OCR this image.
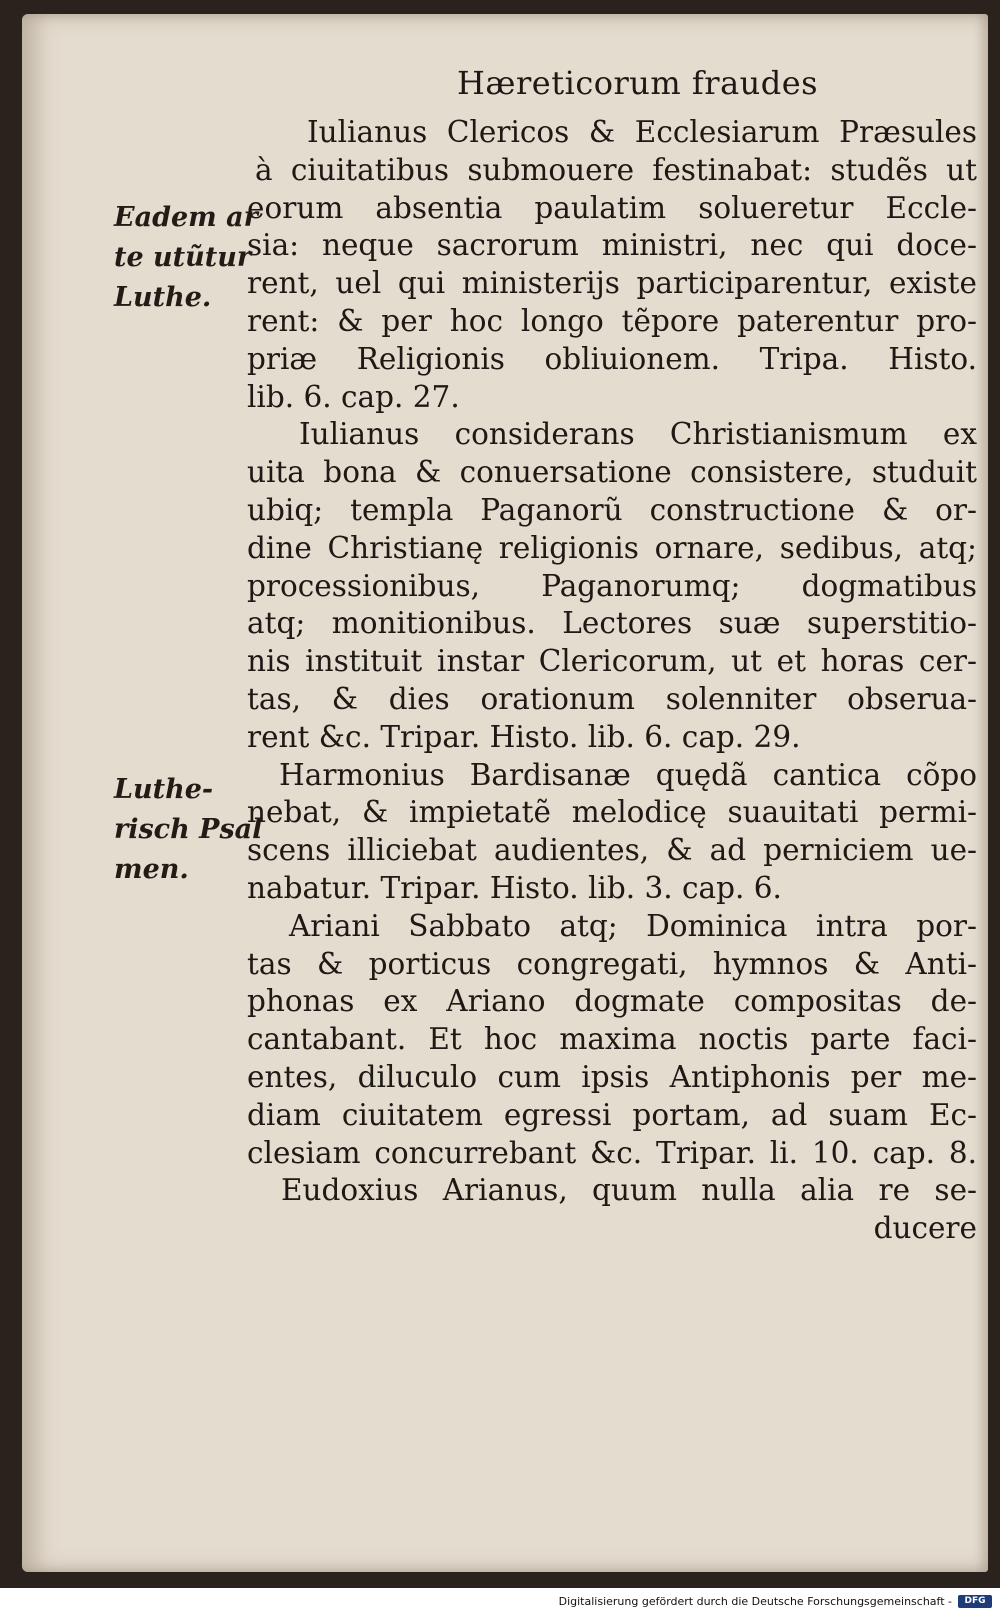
Hæreticorum fraudes
Eadem ar
te utũtur
Luthe.
Luthe-
risch Psal
men.
Iulianus Clericos & Ecclesiarum Præsules
à ciuitatibus submouere festinabat: studẽs ut
eorum absentia paulatim solueretur Eccle-
sia: neque sacrorum ministri, nec qui doce-
rent, uel qui ministerijs participarentur, existe
rent: & per hoc longo tẽpore paterentur pro-
priæ Religionis obliuionem. Tripa. Histo.
lib. 6. cap. 27.
Iulianus considerans Christianismum ex
uita bona & conuersatione consistere, studuit
ubiq; templa Paganorũ constructione & or-
dine Christianę religionis ornare, sedibus, atq;
processionibus, Paganorumq; dogmatibus
atq; monitionibus. Lectores suæ superstitio-
nis instituit instar Clericorum, ut et horas cer-
tas, & dies orationum solenniter obserua-
rent &c. Tripar. Histo. lib. 6. cap. 29.
Harmonius Bardisanæ quędã cantica cõpo
nebat, & impietatẽ melodicę suauitati permi-
scens illiciebat audientes, & ad perniciem ue-
nabatur. Tripar. Histo. lib. 3. cap. 6.
Ariani Sabbato atq; Dominica intra por-
tas & porticus congregati, hymnos & Anti-
phonas ex Ariano dogmate compositas de-
cantabant. Et hoc maxima noctis parte faci-
entes, diluculo cum ipsis Antiphonis per me-
diam ciuitatem egressi portam, ad suam Ec-
clesiam concurrebant &c. Tripar. li. 10. cap. 8.
Eudoxius Arianus, quum nulla alia re se-
ducere
Digitalisierung gefördert durch die Deutsche Forschungsgemeinschaft -	DFG
